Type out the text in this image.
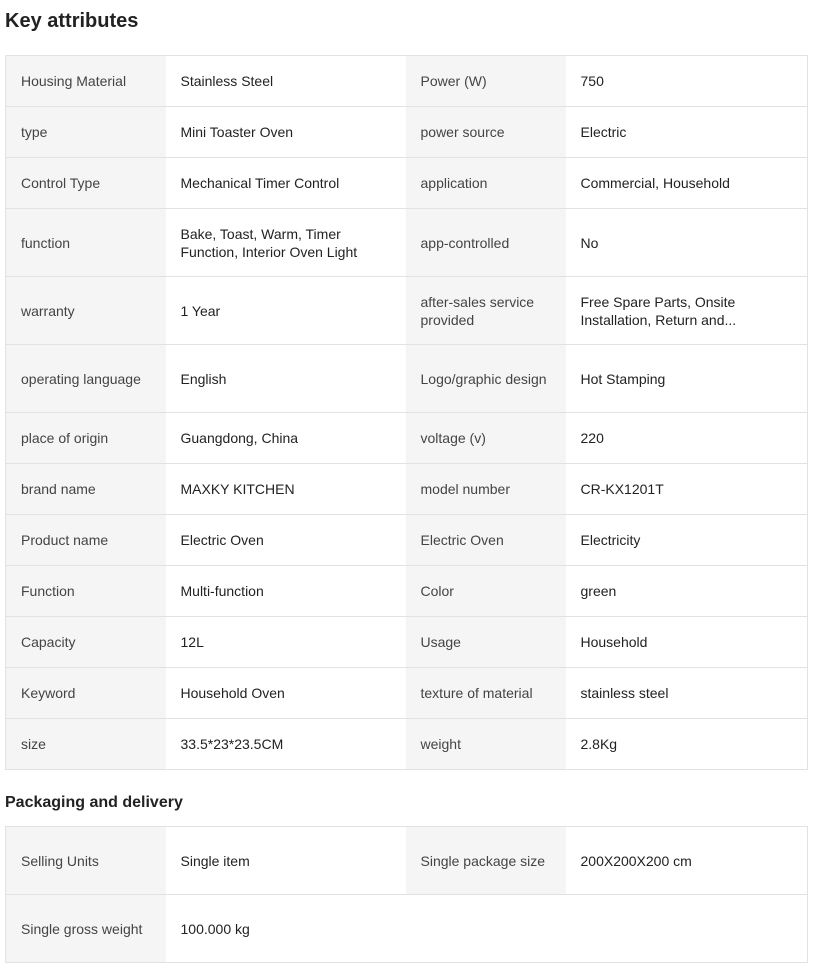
Key attributes
Housing Material	Stainless Steel	Power (W)	750
type	Mini Toaster Oven	power source	Electric
Control Type	Mechanical Timer Control	application	Commercial, Household
function	Bake, Toast, Warm, Timer Function, Interior Oven Light	app-controlled	No
warranty	1 Year	after-sales service provided	Free Spare Parts, Onsite Installation, Return and...
operating language	English	Logo/graphic design	Hot Stamping
place of origin	Guangdong, China	voltage (v)	220
brand name	MAXKY KITCHEN	model number	CR-KX1201T
Product name	Electric Oven	Electric Oven	Electricity
Function	Multi-function	Color	green
Capacity	12L	Usage	Household
Keyword	Household Oven	texture of material	stainless steel
size	33.5*23*23.5CM	weight	2.8Kg
Packaging and delivery
Selling Units	Single item	Single package size	200X200X200 cm
Single gross weight	100.000 kg		
